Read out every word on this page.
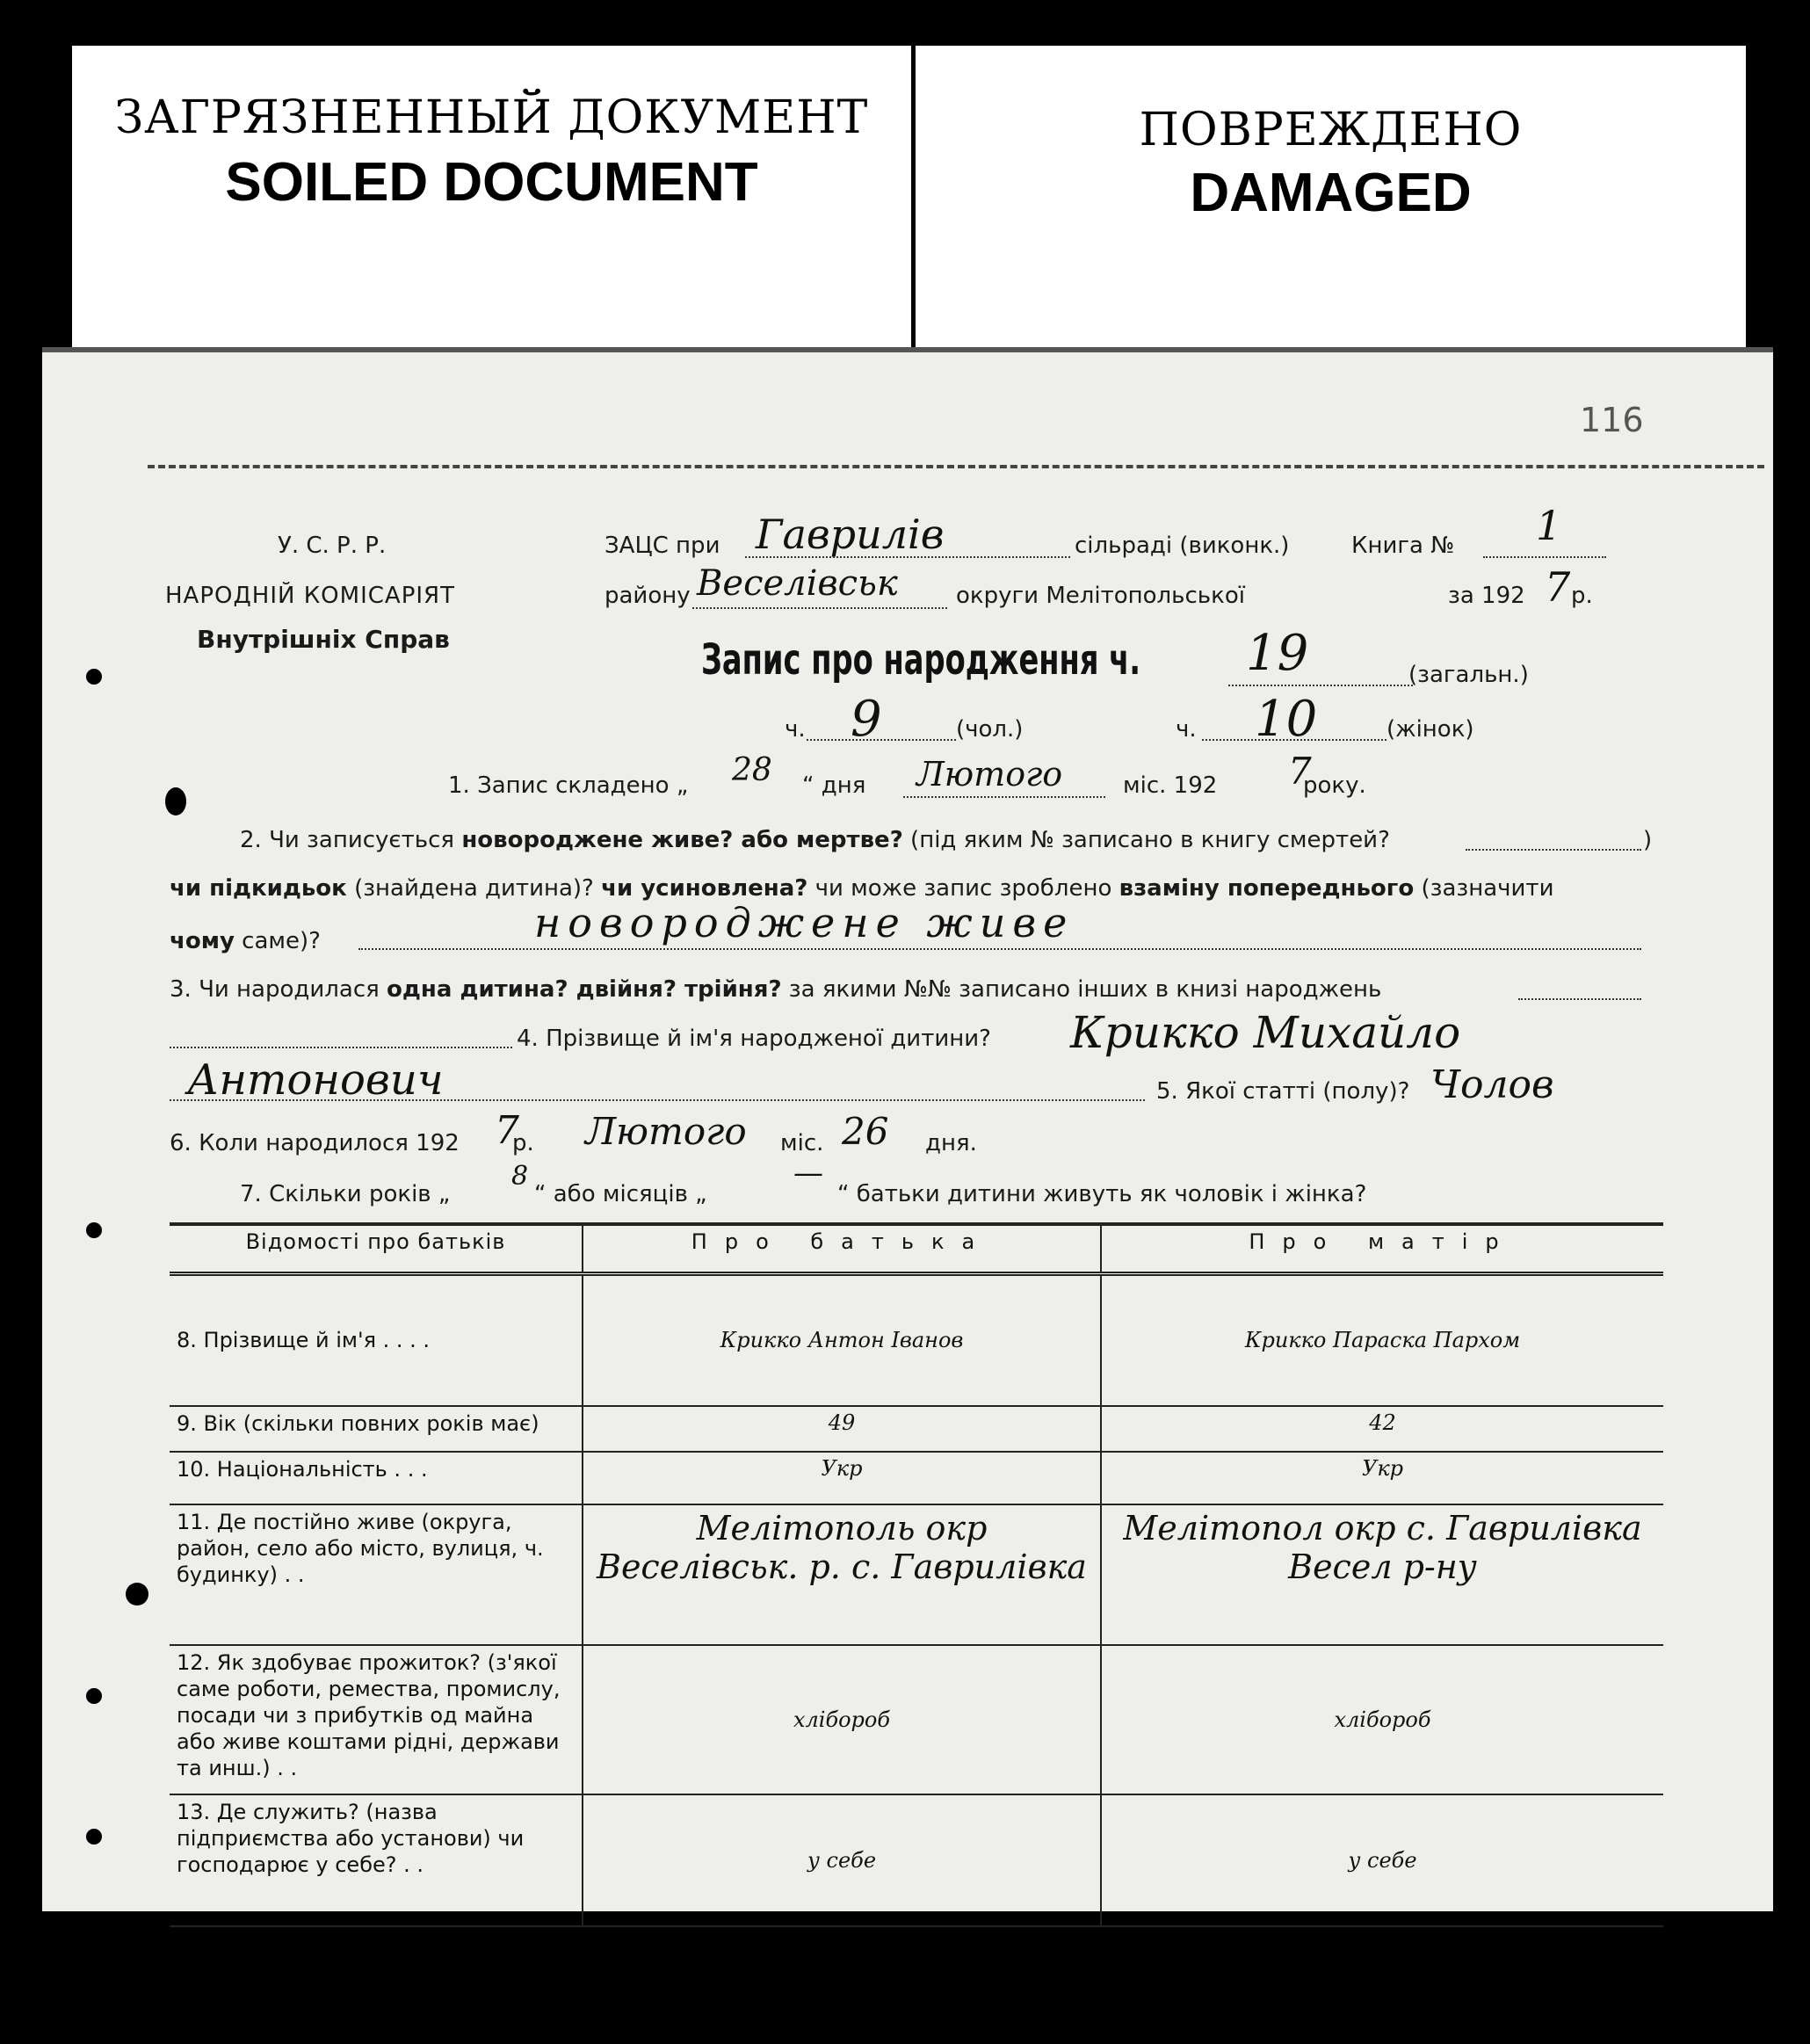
ЗАГРЯЗНЕННЫЙ ДОКУМЕНТ
SOILED DOCUMENT
ПОВРЕЖДЕНО
DAMAGED
116
У. С. Р. Р.
НАРОДНІЙ КОМІСАРІЯТ
Внутрішніх Справ
ЗАЦС при Гаврилів	сільраді (виконк.)
району Веселівськ	округи Мелітопольської
Книга № 1
за 192 7 р.
Запис про народження ч. 19	(загальн.)
ч. 9	(чол.)	ч. 10	(жінок)
1. Запис складено „ 28 “ дня Лютого	міс. 192 7
року.
2. Чи записується новороджене живе? або мертве? (під яким № записано в книгу смертей?	)
чи підкидьок (знайдена дитина)? чи усиновлена? чи може запис зроблено взаміну попереднього (зазначити
чому саме)?	новороджене живе
3. Чи народилася одна дитина? двійня? трійня? за якими №№ записано інших в книзі народжень
4. Прізвище й ім'я народженої дитини? Крикко Михайло
Антонович	5. Якої статті (полу)? Чолов
6. Коли народилося 192 7
р. Лютого міс. 26 дня.
7. Скільки років „
8
“ або місяців „
—
“ батьки дитини живуть як чоловік і жінка?
Відомості про батьків	Про батька	Про матір
8. Прізвище й ім'я . . . .	Крикко Антон Іванов	Крикко Параска Пархом
9. Вік (скільки повних років має)	49	42
10. Національність . . .	Укр	Укр
11. Де постійно живе (округа, район, село або місто, вулиця, ч. будинку) . .	Мелітополь окр Веселівськ. р. с. Гаврилівка	Мелітопол окр с. Гаврилівка Весел р-ну
12. Як здобуває прожиток? (з'якої саме роботи, ремества, промислу, посади чи з прибутків од майна або живе коштами рідні, держави та инш.) . .	хлібороб	хлібороб
13. Де служить? (назва підприємства або установи) чи господарює у себе? . .	у себе	у себе
